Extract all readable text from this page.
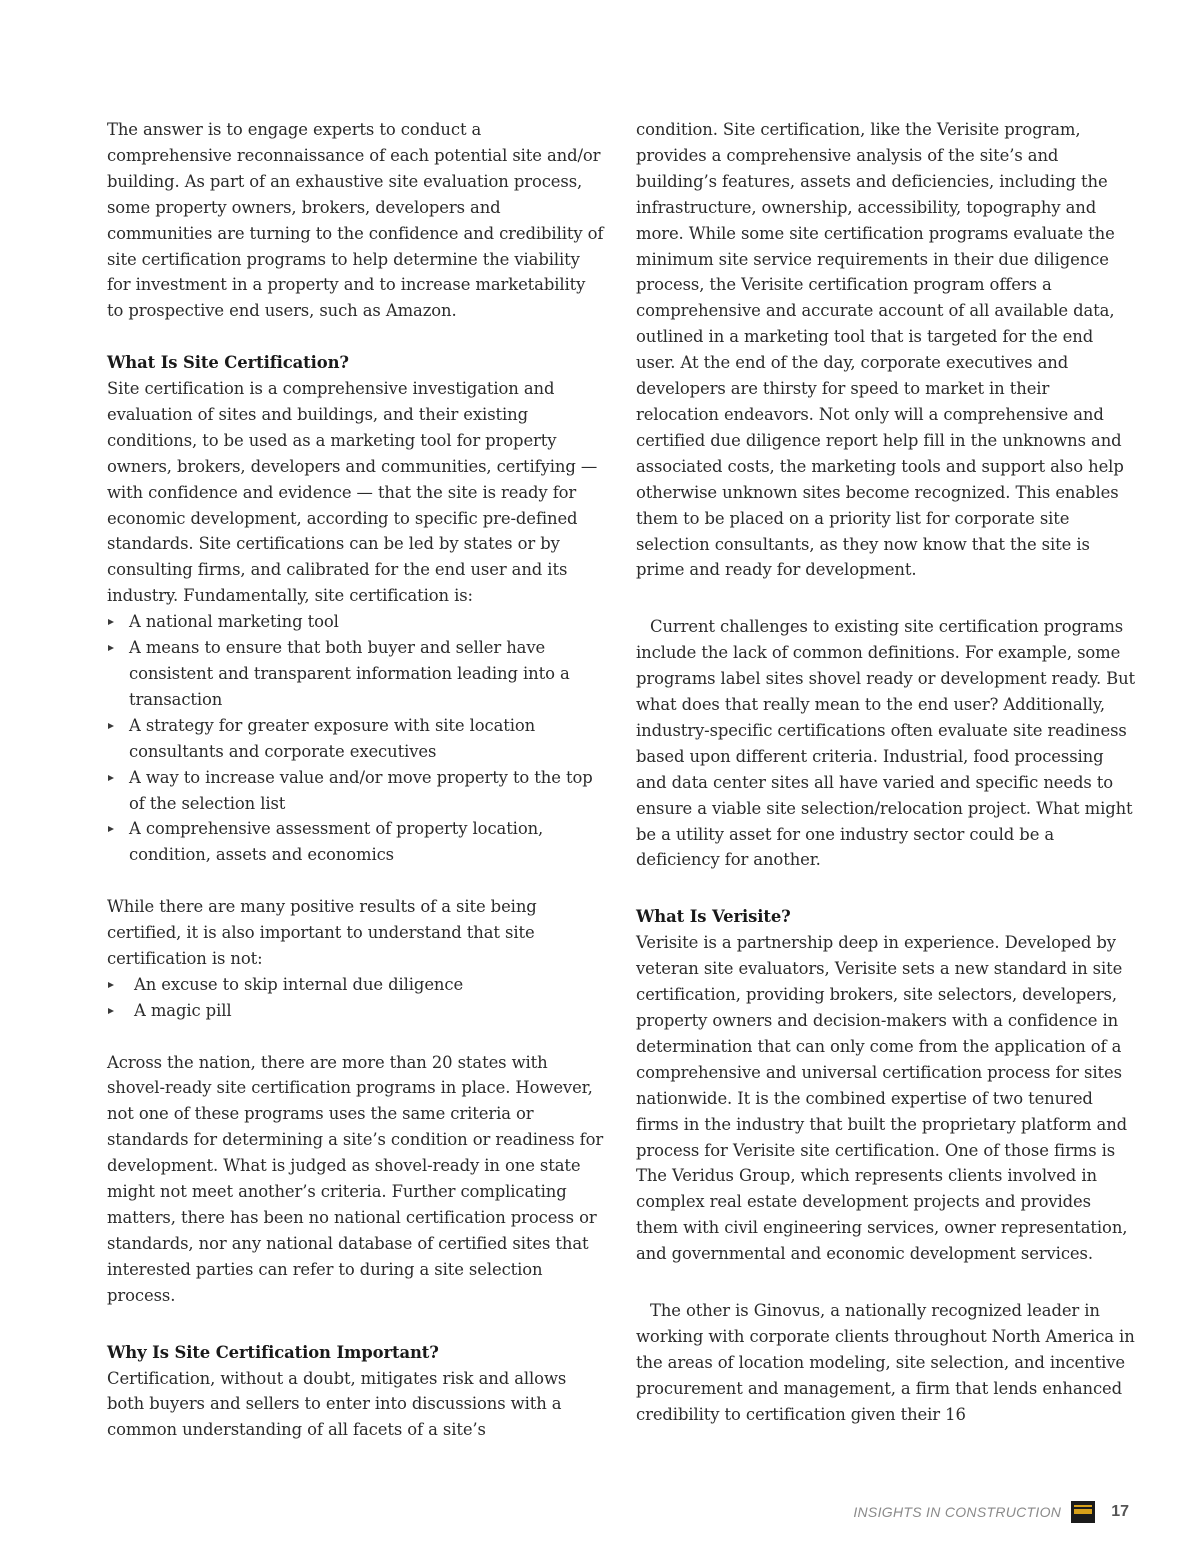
The answer is to engage experts to conduct a comprehensive reconnaissance of each potential site and/or building. As part of an exhaustive site evaluation process, some property owners, brokers, developers and communities are turning to the confidence and credibility of site certification programs to help determine the viability for investment in a property and to increase marketability to prospective end users, such as Amazon.

What Is Site Certification?

Site certification is a comprehensive investigation and evaluation of sites and buildings, and their existing conditions, to be used as a marketing tool for property owners, brokers, developers and communities, certifying — with confidence and evidence — that the site is ready for economic development, according to specific pre-defined standards. Site certifications can be led by states or by consulting firms, and calibrated for the end user and its industry. Fundamentally, site certification is:

A national marketing tool
A means to ensure that both buyer and seller have consistent and transparent information leading into a transaction
A strategy for greater exposure with site location consultants and corporate executives
A way to increase value and/or move property to the top of the selection list
A comprehensive assessment of property location, condition, assets and economics

While there are many positive results of a site being certified, it is also important to understand that site certification is not:

An excuse to skip internal due diligence
A magic pill

Across the nation, there are more than 20 states with shovel-ready site certification programs in place. However, not one of these programs uses the same criteria or standards for determining a site’s condition or readiness for development. What is judged as shovel-ready in one state might not meet another’s criteria. Further complicating matters, there has been no national certification process or standards, nor any national database of certified sites that interested parties can refer to during a site selection process.

Why Is Site Certification Important?

Certification, without a doubt, mitigates risk and allows both buyers and sellers to enter into discussions with a common understanding of all facets of a site’s

condition. Site certification, like the Verisite program, provides a comprehensive analysis of the site’s and building’s features, assets and deficiencies, including the infrastructure, ownership, accessibility, topography and more. While some site certification programs evaluate the minimum site service requirements in their due diligence process, the Verisite certification program offers a comprehensive and accurate account of all available data, outlined in a marketing tool that is targeted for the end user. At the end of the day, corporate executives and developers are thirsty for speed to market in their relocation endeavors. Not only will a comprehensive and certified due diligence report help fill in the unknowns and associated costs, the marketing tools and support also help otherwise unknown sites become recognized. This enables them to be placed on a priority list for corporate site selection consultants, as they now know that the site is prime and ready for development.

Current challenges to existing site certification programs include the lack of common definitions. For example, some programs label sites shovel ready or development ready. But what does that really mean to the end user? Additionally, industry-specific certifications often evaluate site readiness based upon different criteria. Industrial, food processing and data center sites all have varied and specific needs to ensure a viable site selection/relocation project. What might be a utility asset for one industry sector could be a deficiency for another.

What Is Verisite?

Verisite is a partnership deep in experience. Developed by veteran site evaluators, Verisite sets a new standard in site certification, providing brokers, site selectors, developers, property owners and decision-makers with a confidence in determination that can only come from the application of a comprehensive and universal certification process for sites nationwide. It is the combined expertise of two tenured firms in the industry that built the proprietary platform and process for Verisite site certification. One of those firms is The Veridus Group, which represents clients involved in complex real estate development projects and provides them with civil engineering services, owner representation, and governmental and economic development services.

The other is Ginovus, a nationally recognized leader in working with corporate clients throughout North America in the areas of location modeling, site selection, and incentive procurement and management, a firm that lends enhanced credibility to certification given their 16

INSIGHTS IN CONSTRUCTION	17
